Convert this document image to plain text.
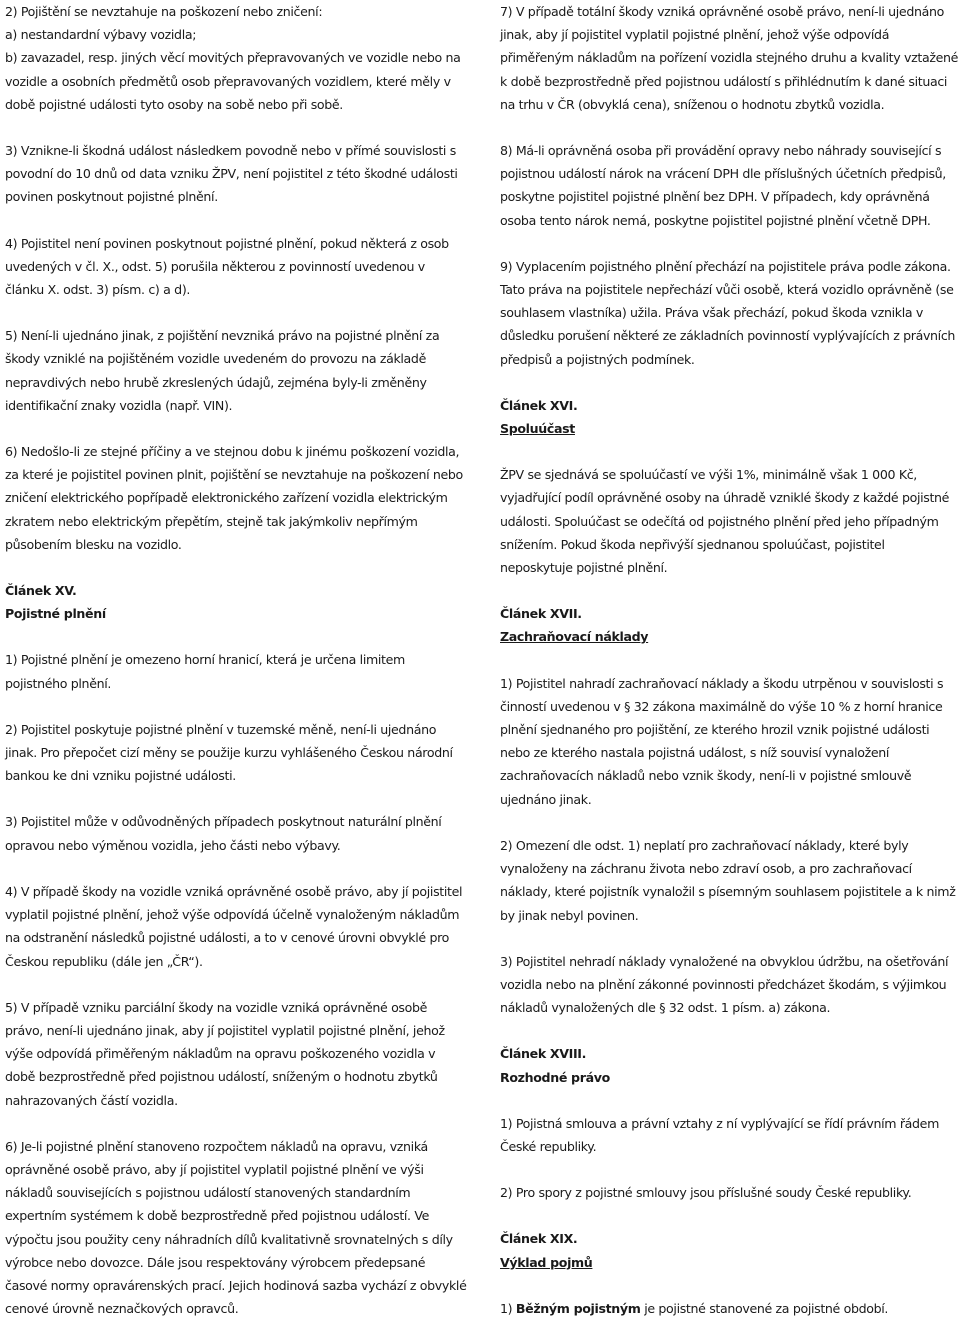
2) Pojištění se nevztahuje na poškození nebo zničení:

a) nestandardní výbavy vozidla;

b) zavazadel, resp. jiných věcí movitých přepravovaných ve vozidle nebo na vozidle a osobních předmětů osob přepravovaných vozidlem, které měly v době pojistné události tyto osoby na sobě nebo při sobě.

3) Vznikne-li škodná událost následkem povodně nebo v přímé souvislosti s povodní do 10 dnů od data vzniku ŽPV, není pojistitel z této škodné události povinen poskytnout pojistné plnění.

4) Pojistitel není povinen poskytnout pojistné plnění, pokud některá z osob uvedených v čl. X., odst. 5) porušila některou z povinností uvedenou v článku X. odst. 3) písm. c) a d).

5) Není-li ujednáno jinak, z pojištění nevzniká právo na pojistné plnění za škody vzniklé na pojištěném vozidle uvedeném do provozu na základě nepravdivých nebo hrubě zkreslených údajů, zejména byly-li změněny identifikační znaky vozidla (např. VIN).

6) Nedošlo-li ze stejné příčiny a ve stejnou dobu k jinému poškození vozidla, za které je pojistitel povinen plnit, pojištění se nevztahuje na poškození nebo zničení elektrického popřípadě elektronického zařízení vozidla elektrickým zkratem nebo elektrickým přepětím, stejně tak jakýmkoliv nepřímým působením blesku na vozidlo.

Článek XV.

Pojistné plnění

1) Pojistné plnění je omezeno horní hranicí, která je určena limitem pojistného plnění.

2) Pojistitel poskytuje pojistné plnění v tuzemské měně, není-li ujednáno jinak. Pro přepočet cizí měny se použije kurzu vyhlášeného Českou národní bankou ke dni vzniku pojistné události.

3) Pojistitel může v odůvodněných případech poskytnout naturální plnění opravou nebo výměnou vozidla, jeho části nebo výbavy.

4) V případě škody na vozidle vzniká oprávněné osobě právo, aby jí pojistitel vyplatil pojistné plnění, jehož výše odpovídá účelně vynaloženým nákladům na odstranění následků pojistné události, a to v cenové úrovni obvyklé pro Českou republiku (dále jen „ČR“).

5) V případě vzniku parciální škody na vozidle vzniká oprávněné osobě právo, není-li ujednáno jinak, aby jí pojistitel vyplatil pojistné plnění, jehož výše odpovídá přiměřeným nákladům na opravu poškozeného vozidla v době bezprostředně před pojistnou událostí, sníženým o hodnotu zbytků nahrazovaných částí vozidla.

6) Je-li pojistné plnění stanoveno rozpočtem nákladů na opravu, vzniká oprávněné osobě právo, aby jí pojistitel vyplatil pojistné plnění ve výši nákladů souvisejících s pojistnou událostí stanovených standardním expertním systémem k době bezprostředně před pojistnou událostí. Ve výpočtu jsou použity ceny náhradních dílů kvalitativně srovnatelných s díly výrobce nebo dovozce. Dále jsou respektovány výrobcem předepsané časové normy opravárenských prací. Jejich hodinová sazba vychází z obvyklé cenové úrovně neznačkových opravců.

7) V případě totální škody vzniká oprávněné osobě právo, není-li ujednáno jinak, aby jí pojistitel vyplatil pojistné plnění, jehož výše odpovídá přiměřeným nákladům na pořízení vozidla stejného druhu a kvality vztažené k době bezprostředně před pojistnou událostí s přihlédnutím k dané situaci na trhu v ČR (obvyklá cena), sníženou o hodnotu zbytků vozidla.

8) Má-li oprávněná osoba při provádění opravy nebo náhrady související s pojistnou událostí nárok na vrácení DPH dle příslušných účetních předpisů, poskytne pojistitel pojistné plnění bez DPH. V případech, kdy oprávněná osoba tento nárok nemá, poskytne pojistitel pojistné plnění včetně DPH.

9) Vyplacením pojistného plnění přechází na pojistitele práva podle zákona. Tato práva na pojistitele nepřechází vůči osobě, která vozidlo oprávněně (se souhlasem vlastníka) užila. Práva však přechází, pokud škoda vznikla v důsledku porušení některé ze základních povinností vyplývajících z právních předpisů a pojistných podmínek.

Článek XVI.

Spoluúčast

ŽPV se sjednává se spoluúčastí ve výši 1%, minimálně však 1 000 Kč, vyjadřující podíl oprávněné osoby na úhradě vzniklé škody z každé pojistné události. Spoluúčast se odečítá od pojistného plnění před jeho případným snížením. Pokud škoda nepřivýší sjednanou spoluúčast, pojistitel neposkytuje pojistné plnění.

Článek XVII.

Zachraňovací náklady

1) Pojistitel nahradí zachraňovací náklady a škodu utrpěnou v souvislosti s činností uvedenou v § 32 zákona maximálně do výše 10 % z horní hranice plnění sjednaného pro pojištění, ze kterého hrozil vznik pojistné události nebo ze kterého nastala pojistná událost, s níž souvisí vynaložení zachraňovacích nákladů nebo vznik škody, není-li v pojistné smlouvě ujednáno jinak.

2) Omezení dle odst. 1) neplatí pro zachraňovací náklady, které byly vynaloženy na záchranu života nebo zdraví osob, a pro zachraňovací náklady, které pojistník vynaložil s písemným souhlasem pojistitele a k nimž by jinak nebyl povinen.

3) Pojistitel nehradí náklady vynaložené na obvyklou údržbu, na ošetřování vozidla nebo na plnění zákonné povinnosti předcházet škodám, s výjimkou nákladů vynaložených dle § 32 odst. 1 písm. a) zákona.

Článek XVIII.

Rozhodné právo

1) Pojistná smlouva a právní vztahy z ní vyplývající se řídí právním řádem České republiky.

2) Pro spory z pojistné smlouvy jsou příslušné soudy České republiky.

Článek XIX.

Výklad pojmů

1) Běžným pojistným je pojistné stanovené za pojistné období.
